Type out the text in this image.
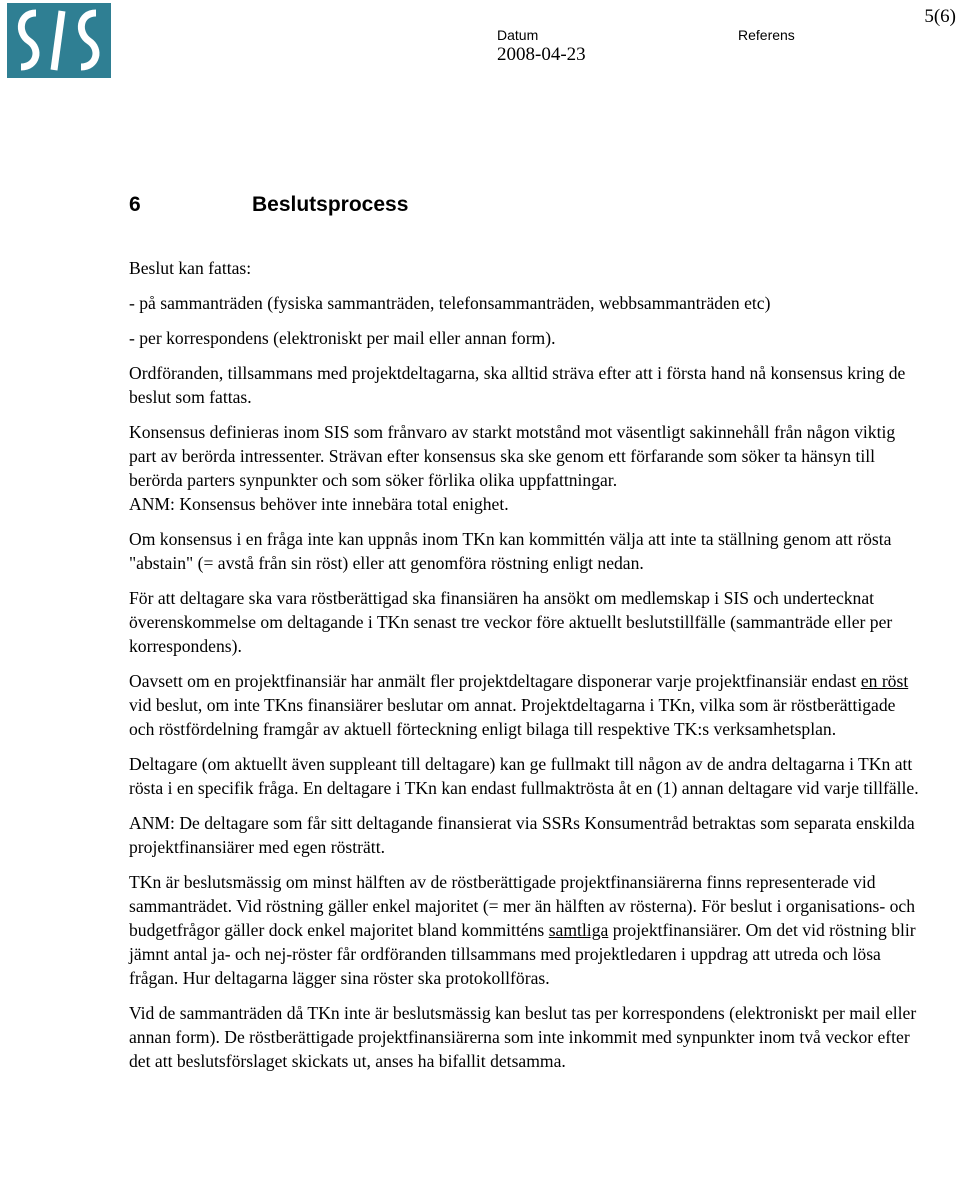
Datum
2008-04-23
Referens
5(6)
6	Beslutsprocess

Beslut kan fattas:

- på sammanträden (fysiska sammanträden, telefonsammanträden, webbsammanträden etc)

- per korrespondens (elektroniskt per mail eller annan form).

Ordföranden, tillsammans med projektdeltagarna, ska alltid sträva efter att i första hand nå konsensus kring de beslut som fattas.

Konsensus definieras inom SIS som frånvaro av starkt motstånd mot väsentligt sakinnehåll från någon viktig part av berörda intressenter. Strävan efter konsensus ska ske genom ett förfarande som söker ta hänsyn till berörda parters synpunkter och som söker förlika olika uppfattningar.

ANM: Konsensus behöver inte innebära total enighet.

Om konsensus i en fråga inte kan uppnås inom TKn kan kommittén välja att inte ta ställning genom att rösta "abstain" (= avstå från sin röst) eller att genomföra röstning enligt nedan.

För att deltagare ska vara röstberättigad ska finansiären ha ansökt om medlemskap i SIS och undertecknat överenskommelse om deltagande i TKn senast tre veckor före aktuellt beslutstillfälle (sammanträde eller per korrespondens).

Oavsett om en projektfinansiär har anmält fler projektdeltagare disponerar varje projektfinansiär endast en röst vid beslut, om inte TKns finansiärer beslutar om annat. Projektdeltagarna i TKn, vilka som är röstberättigade och röstfördelning framgår av aktuell förteckning enligt bilaga till respektive TK:s verksamhetsplan.

Deltagare (om aktuellt även suppleant till deltagare) kan ge fullmakt till någon av de andra deltagarna i TKn att rösta i en specifik fråga. En deltagare i TKn kan endast fullmaktrösta åt en (1) annan deltagare vid varje tillfälle.

ANM: De deltagare som får sitt deltagande finansierat via SSRs Konsumentråd betraktas som separata enskilda projektfinansiärer med egen rösträtt.

TKn är beslutsmässig om minst hälften av de röstberättigade projektfinansiärerna finns representerade vid sammanträdet. Vid röstning gäller enkel majoritet (= mer än hälften av rösterna). För beslut i organisations- och budgetfrågor gäller dock enkel majoritet bland kommitténs samtliga projektfinansiärer. Om det vid röstning blir jämnt antal ja- och nej-röster får ordföranden tillsammans med projektledaren i uppdrag att utreda och lösa frågan. Hur deltagarna lägger sina röster ska protokollföras.

Vid de sammanträden då TKn inte är beslutsmässig kan beslut tas per korrespondens (elektroniskt per mail eller annan form). De röstberättigade projektfinansiärerna som inte inkommit med synpunkter inom två veckor efter det att beslutsförslaget skickats ut, anses ha bifallit detsamma.
